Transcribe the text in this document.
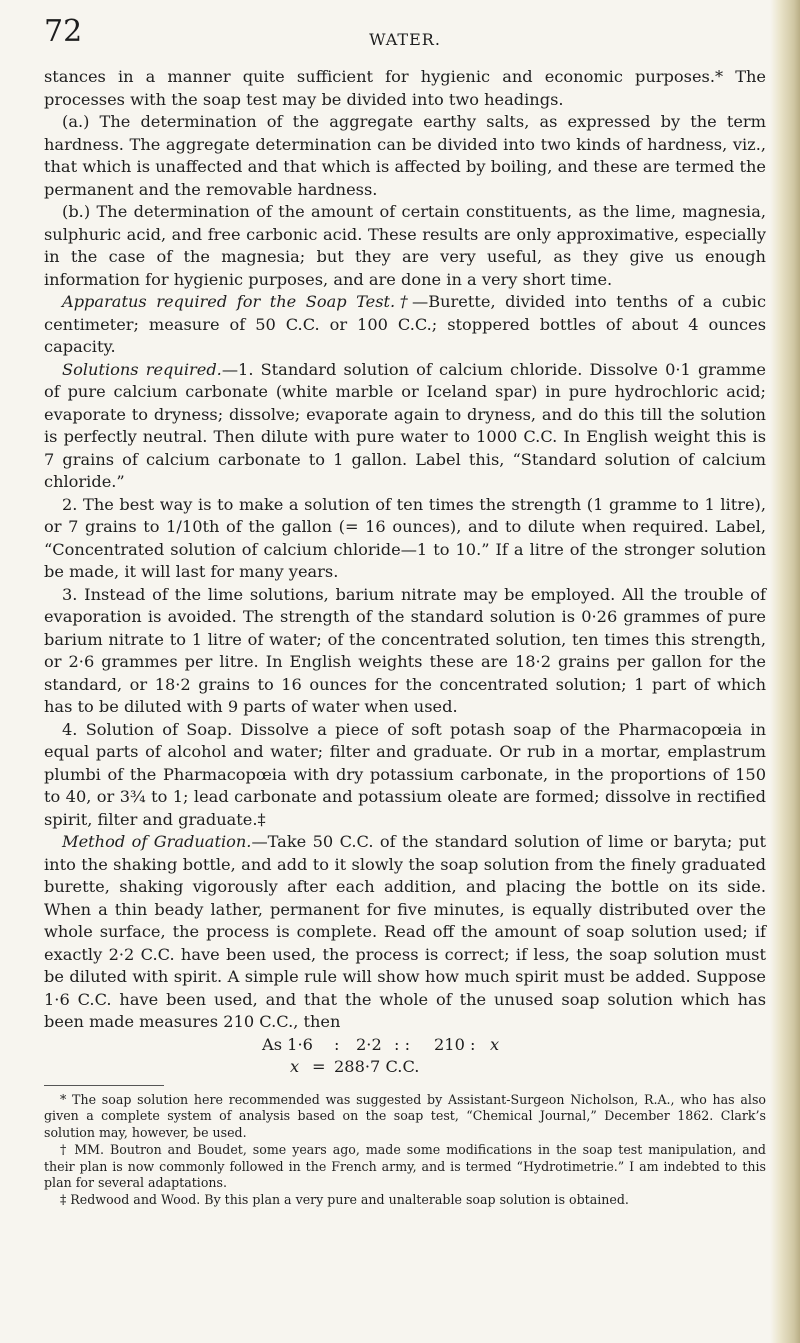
72	WATER.

stances in a manner quite sufficient for hygienic and economic purposes.* The processes with the soap test may be divided into two headings.

(a.) The determination of the aggregate earthy salts, as expressed by the term hardness. The aggregate determination can be divided into two kinds of hardness, viz., that which is unaffected and that which is affected by boiling, and these are termed the permanent and the removable hardness.

(b.) The determination of the amount of certain constituents, as the lime, magnesia, sulphuric acid, and free carbonic acid. These results are only approximative, especially in the case of the magnesia; but they are very useful, as they give us enough information for hygienic purposes, and are done in a very short time.

Apparatus required for the Soap Test.†—Burette, divided into tenths of a cubic centimeter; measure of 50 C.C. or 100 C.C.; stoppered bottles of about 4 ounces capacity.

Solutions required.—1. Standard solution of calcium chloride. Dissolve 0·1 gramme of pure calcium carbonate (white marble or Iceland spar) in pure hydrochloric acid; evaporate to dryness; dissolve; evaporate again to dryness, and do this till the solution is perfectly neutral. Then dilute with pure water to 1000 C.C. In English weight this is 7 grains of calcium carbonate to 1 gallon. Label this, “Standard solution of calcium chloride.”

2. The best way is to make a solution of ten times the strength (1 gramme to 1 litre), or 7 grains to 1/10th of the gallon (= 16 ounces), and to dilute when required. Label, “Concentrated solution of calcium chloride—1 to 10.” If a litre of the stronger solution be made, it will last for many years.

3. Instead of the lime solutions, barium nitrate may be employed. All the trouble of evaporation is avoided. The strength of the standard solution is 0·26 grammes of pure barium nitrate to 1 litre of water; of the concentrated solution, ten times this strength, or 2·6 grammes per litre. In English weights these are 18·2 grains per gallon for the standard, or 18·2 grains to 16 ounces for the concentrated solution; 1 part of which has to be diluted with 9 parts of water when used.

4. Solution of Soap. Dissolve a piece of soft potash soap of the Pharmacopœia in equal parts of alcohol and water; filter and graduate. Or rub in a mortar, emplastrum plumbi of the Pharmacopœia with dry potassium carbonate, in the proportions of 150 to 40, or 3¾ to 1; lead carbonate and potassium oleate are formed; dissolve in rectified spirit, filter and graduate.‡

Method of Graduation.—Take 50 C.C. of the standard solution of lime or baryta; put into the shaking bottle, and add to it slowly the soap solution from the finely graduated burette, shaking vigorously after each addition, and placing the bottle on its side. When a thin beady lather, permanent for five minutes, is equally distributed over the whole surface, the process is complete. Read off the amount of soap solution used; if exactly 2·2 C.C. have been used, the process is correct; if less, the soap solution must be diluted with spirit. A simple rule will show how much spirit must be added. Suppose 1·6 C.C. have been used, and that the whole of the unused soap solution which has been made measures 210 C.C., then

As 1·6	:	2·2 : :	210 : x
x = 288·7 C.C.

* The soap solution here recommended was suggested by Assistant-Surgeon Nicholson, R.A., who has also given a complete system of analysis based on the soap test, “Chemical Journal,” December 1862. Clark’s solution may, however, be used.

† MM. Boutron and Boudet, some years ago, made some modifications in the soap test manipulation, and their plan is now commonly followed in the French army, and is termed “Hydrotimetrie.” I am indebted to this plan for several adaptations.

‡ Redwood and Wood. By this plan a very pure and unalterable soap solution is obtained.
